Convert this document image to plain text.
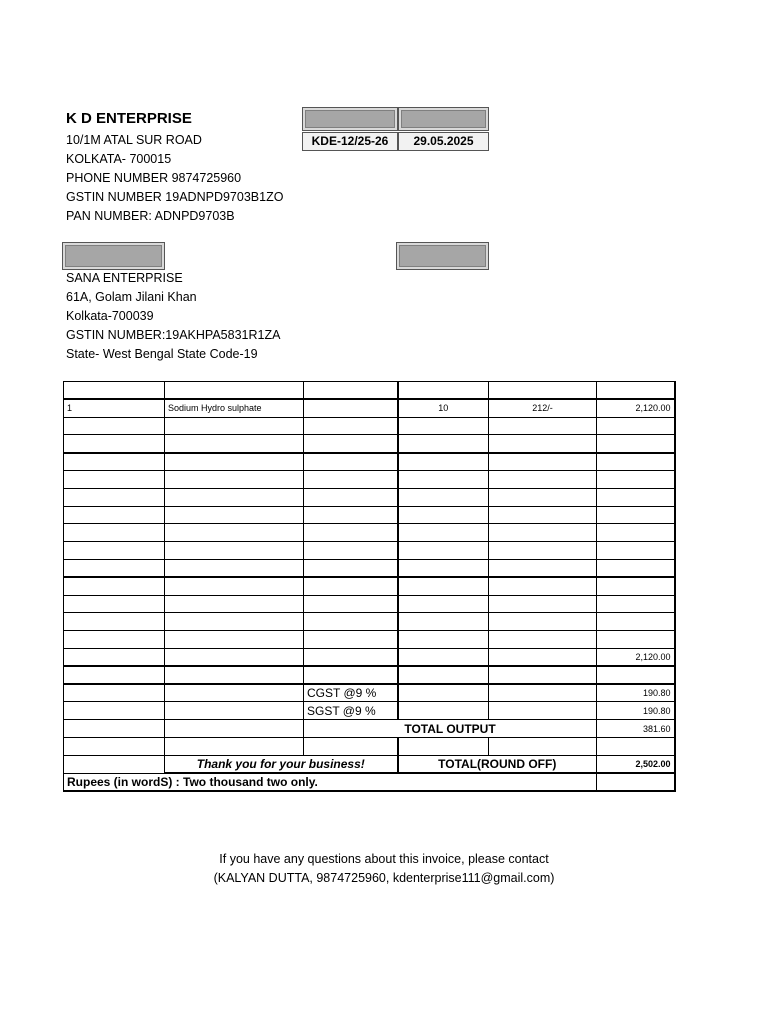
K D ENTERPRISE
10/1M ATAL SUR ROAD
KOLKATA- 700015
PHONE NUMBER 9874725960
GSTIN NUMBER 19ADNPD9703B1ZO
PAN NUMBER: ADNPD9703B
KDE-12/25-26	29.05.2025
SANA ENTERPRISE
61A, Golam Jilani Khan
Kolkata-700039
GSTIN NUMBER:19AKHPA5831R1ZA
State- West Bengal State Code-19

1	Sodium Hydro sulphate		10	212/-	2,120.00

					2,120.00

		CGST @9 %			190.80
		SGST @9 %			190.80
		TOTAL OUTPUT			381.60

	Thank you for your business!		TOTAL(ROUND OFF)		2,502.00
Rupees (in wordS) : Two thousand two only.					
If you have any questions about this invoice, please contact
(KALYAN DUTTA, 9874725960, kdenterprise111@gmail.com)
